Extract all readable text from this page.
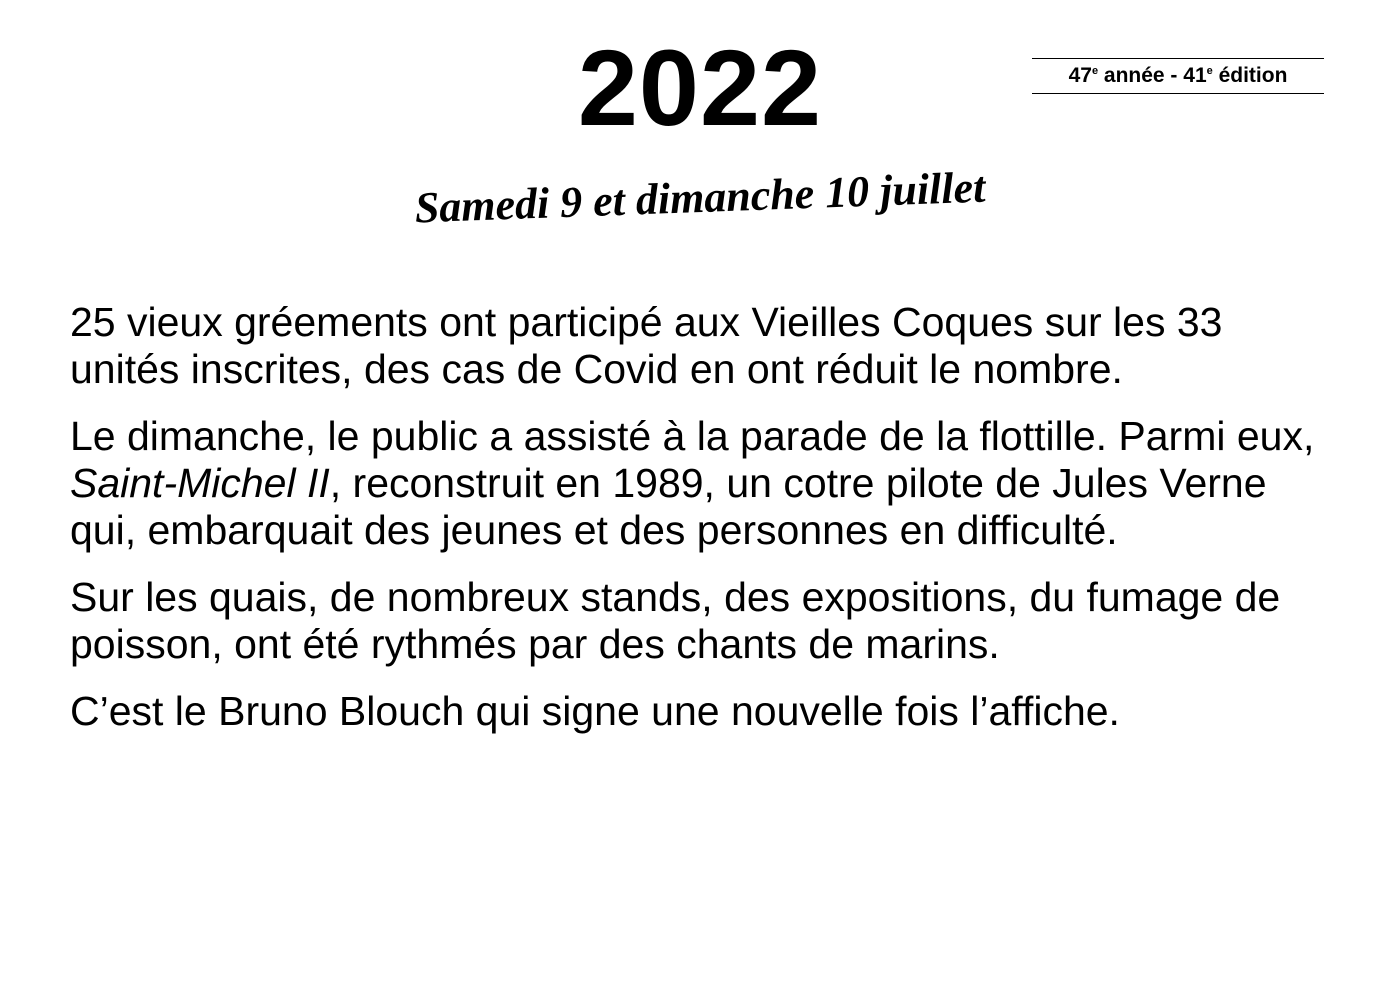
2022	47e année - 41e édition
Samedi 9 et dimanche 10 juillet

25 vieux gréements ont participé aux Vieilles Coques sur les 33 unités inscrites, des cas de Covid en ont réduit le nombre.

Le dimanche, le public a assisté à la parade de la flottille. Parmi eux, Saint-Michel II, reconstruit en 1989, un cotre pilote de Jules Verne qui, embarquait des jeunes et des personnes en difficulté.

Sur les quais, de nombreux stands, des expositions, du fumage de poisson, ont été rythmés par des chants de marins.

C’est le Bruno Blouch qui signe une nouvelle fois l’affiche.
